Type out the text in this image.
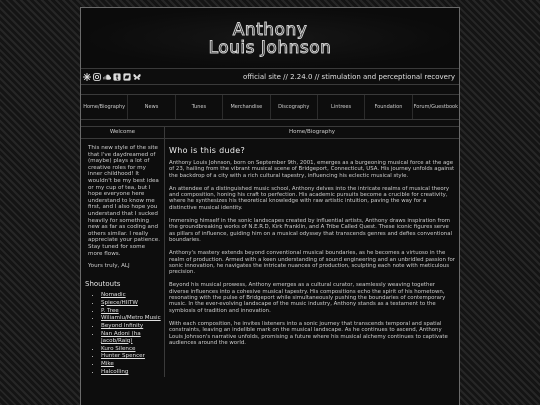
Anthony
Louis Johnson
official site // 2.24.0 // stimulation and perceptional recovery
Home/Biography	News	Tunes	Merchandise	Discography	Lintrees	Foundation	Forum/Guestbook
Welcome

This new style of the site that I've daydreamed of (maybe) plays a lot of creative roles for my inner childhood! It wouldn't be my best idea or my cup of tea, but I hope everyone here understand to know me first, and I also hope you understand that I sucked heavily for something new as far as coding and others similar. I really appreciate your patience. Stay tuned for some more flows.

Yours truly, ALJ

Shoutouts
• Nomadic
• Spiece/HIITW
• P. Tree
• Wiliamlu/Metro Music
• Beyond Infinity
• Nan Adoni (ha Jacob/Raiq)
• Kuro Silence
• Hunter Spencer
• Mike
• Halcolling
Home/Biography
Who is this dude?

Anthony Louis Johnson, born on September 9th, 2001, emerges as a burgeoning musical force at the age of 23, hailing from the vibrant musical scene of Bridgeport, Connecticut, USA. His journey unfolds against the backdrop of a city with a rich cultural tapestry, influencing his eclectic musical style.

An attendee of a distinguished music school, Anthony delves into the intricate realms of musical theory and composition, honing his craft to perfection. His academic pursuits become a crucible for creativity, where he synthesizes his theoretical knowledge with raw artistic intuition, paving the way for a distinctive musical identity.

Immersing himself in the sonic landscapes created by influential artists, Anthony draws inspiration from the groundbreaking works of N.E.R.D, Kirk Franklin, and A Tribe Called Quest. These iconic figures serve as pillars of influence, guiding him on a musical odyssey that transcends genres and defies conventional boundaries.

Anthony's mastery extends beyond conventional musical boundaries, as he becomes a virtuoso in the realm of production. Armed with a keen understanding of sound engineering and an unbridled passion for sonic innovation, he navigates the intricate nuances of production, sculpting each note with meticulous precision.

Beyond his musical prowess, Anthony emerges as a cultural curator, seamlessly weaving together diverse influences into a cohesive musical tapestry. His compositions echo the spirit of his hometown, resonating with the pulse of Bridgeport while simultaneously pushing the boundaries of contemporary music. In the ever-evolving landscape of the music industry, Anthony stands as a testament to the symbiosis of tradition and innovation.

With each composition, he invites listeners into a sonic journey that transcends temporal and spatial constraints, leaving an indelible mark on the musical landscape. As he continues to ascend, Anthony Louis Johnson's narrative unfolds, promising a future where his musical alchemy continues to captivate audiences around the world.
